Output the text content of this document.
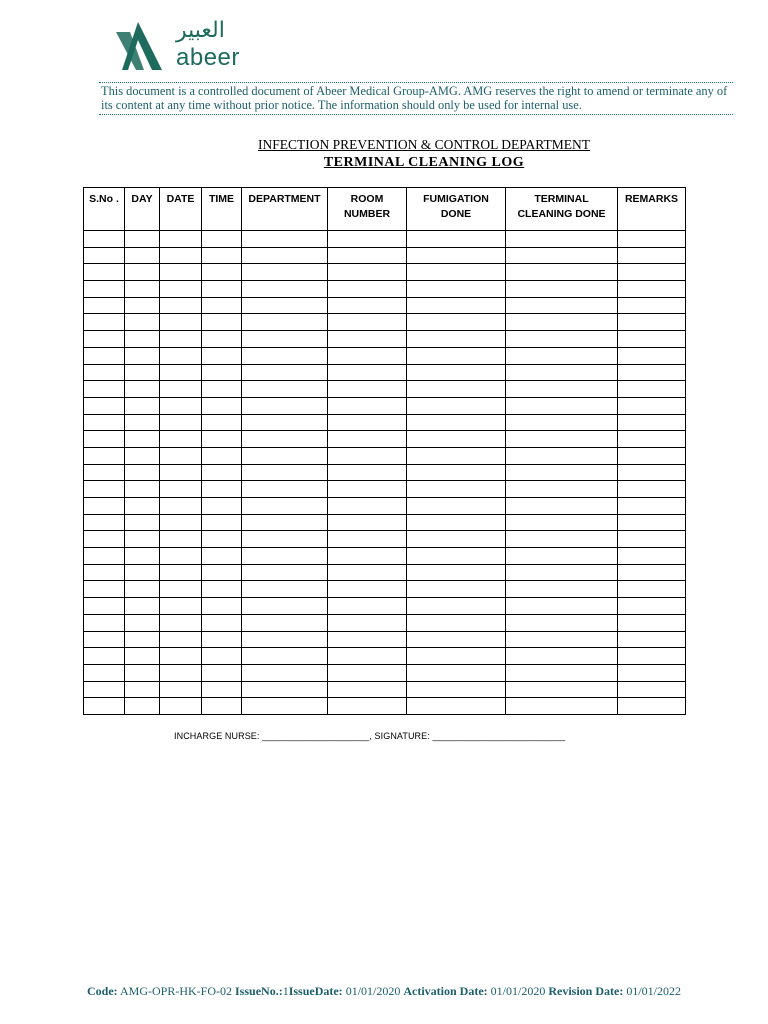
العبير
abeer
This document is a controlled document of Abeer Medical Group-AMG. AMG reserves the right to amend or terminate any of its content at any time without prior notice. The information should only be used for internal use.
INFECTION PREVENTION & CONTROL DEPARTMENT
TERMINAL CLEANING LOG
S.No .	DAY	DATE	TIME	DEPARTMENT	ROOM NUMBER	FUMIGATION DONE	TERMINAL CLEANING DONE	REMARKS

INCHARGE NURSE: _____________________, SIGNATURE: __________________________
Code: AMG-OPR-HK-FO-02 IssueNo.:1IssueDate: 01/01/2020 Activation Date: 01/01/2020 Revision Date: 01/01/2022
